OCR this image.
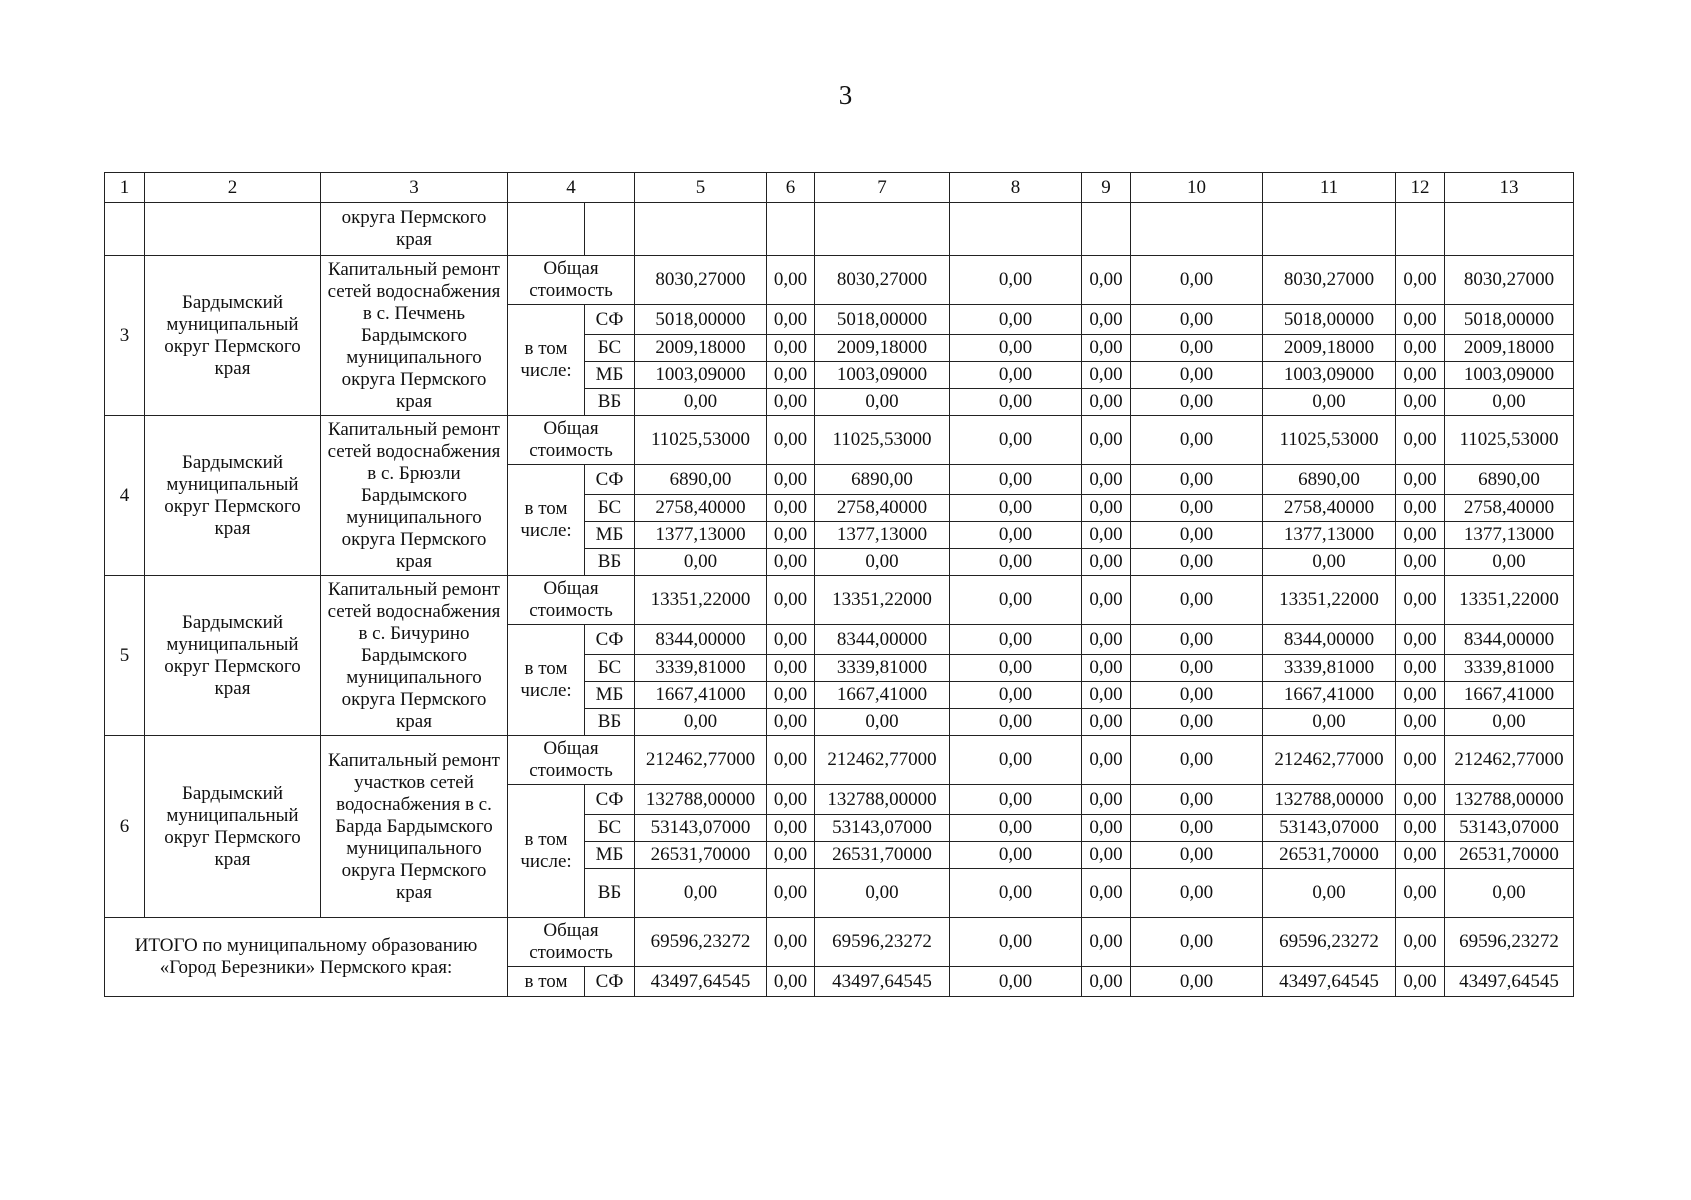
3
1	2	3	4		5	6	7	8	9	10	11	12	13
		округа Пермского края											
3	Бардымский муниципальный округ Пермского края	Капитальный ремонт сетей водоснабжения в с. Печмень Бардымского муниципального округа Пермского края	Общая стоимость		8030,27000	0,00	8030,27000	0,00	0,00	0,00	8030,27000	0,00	8030,27000
			в том числе:	СФ	5018,00000	0,00	5018,00000	0,00	0,00	0,00	5018,00000	0,00	5018,00000
				БС	2009,18000	0,00	2009,18000	0,00	0,00	0,00	2009,18000	0,00	2009,18000
				МБ	1003,09000	0,00	1003,09000	0,00	0,00	0,00	1003,09000	0,00	1003,09000
				ВБ	0,00	0,00	0,00	0,00	0,00	0,00	0,00	0,00	0,00
4	Бардымский муниципальный округ Пермского края	Капитальный ремонт сетей водоснабжения в с. Брюзли Бардымского муниципального округа Пермского края	Общая стоимость		11025,53000	0,00	11025,53000	0,00	0,00	0,00	11025,53000	0,00	11025,53000
			в том числе:	СФ	6890,00	0,00	6890,00	0,00	0,00	0,00	6890,00	0,00	6890,00
				БС	2758,40000	0,00	2758,40000	0,00	0,00	0,00	2758,40000	0,00	2758,40000
				МБ	1377,13000	0,00	1377,13000	0,00	0,00	0,00	1377,13000	0,00	1377,13000
				ВБ	0,00	0,00	0,00	0,00	0,00	0,00	0,00	0,00	0,00
5	Бардымский муниципальный округ Пермского края	Капитальный ремонт сетей водоснабжения в с. Бичурино Бардымского муниципального округа Пермского края	Общая стоимость		13351,22000	0,00	13351,22000	0,00	0,00	0,00	13351,22000	0,00	13351,22000
			в том числе:	СФ	8344,00000	0,00	8344,00000	0,00	0,00	0,00	8344,00000	0,00	8344,00000
				БС	3339,81000	0,00	3339,81000	0,00	0,00	0,00	3339,81000	0,00	3339,81000
				МБ	1667,41000	0,00	1667,41000	0,00	0,00	0,00	1667,41000	0,00	1667,41000
				ВБ	0,00	0,00	0,00	0,00	0,00	0,00	0,00	0,00	0,00
6	Бардымский муниципальный округ Пермского края	Капитальный ремонт участков сетей водоснабжения в с. Барда Бардымского муниципального округа Пермского края	Общая стоимость		212462,77000	0,00	212462,77000	0,00	0,00	0,00	212462,77000	0,00	212462,77000
			в том числе:	СФ	132788,00000	0,00	132788,00000	0,00	0,00	0,00	132788,00000	0,00	132788,00000
				БС	53143,07000	0,00	53143,07000	0,00	0,00	0,00	53143,07000	0,00	53143,07000
				МБ	26531,70000	0,00	26531,70000	0,00	0,00	0,00	26531,70000	0,00	26531,70000
				ВБ	0,00	0,00	0,00	0,00	0,00	0,00	0,00	0,00	0,00

ИТОГО по муниципальному образованию
«Город Березники» Пермского края:			Общая стоимость		69596,23272	0,00	69596,23272	0,00	0,00	0,00	69596,23272	0,00	69596,23272
			в том	СФ	43497,64545	0,00	43497,64545	0,00	0,00	0,00	43497,64545	0,00	43497,64545
